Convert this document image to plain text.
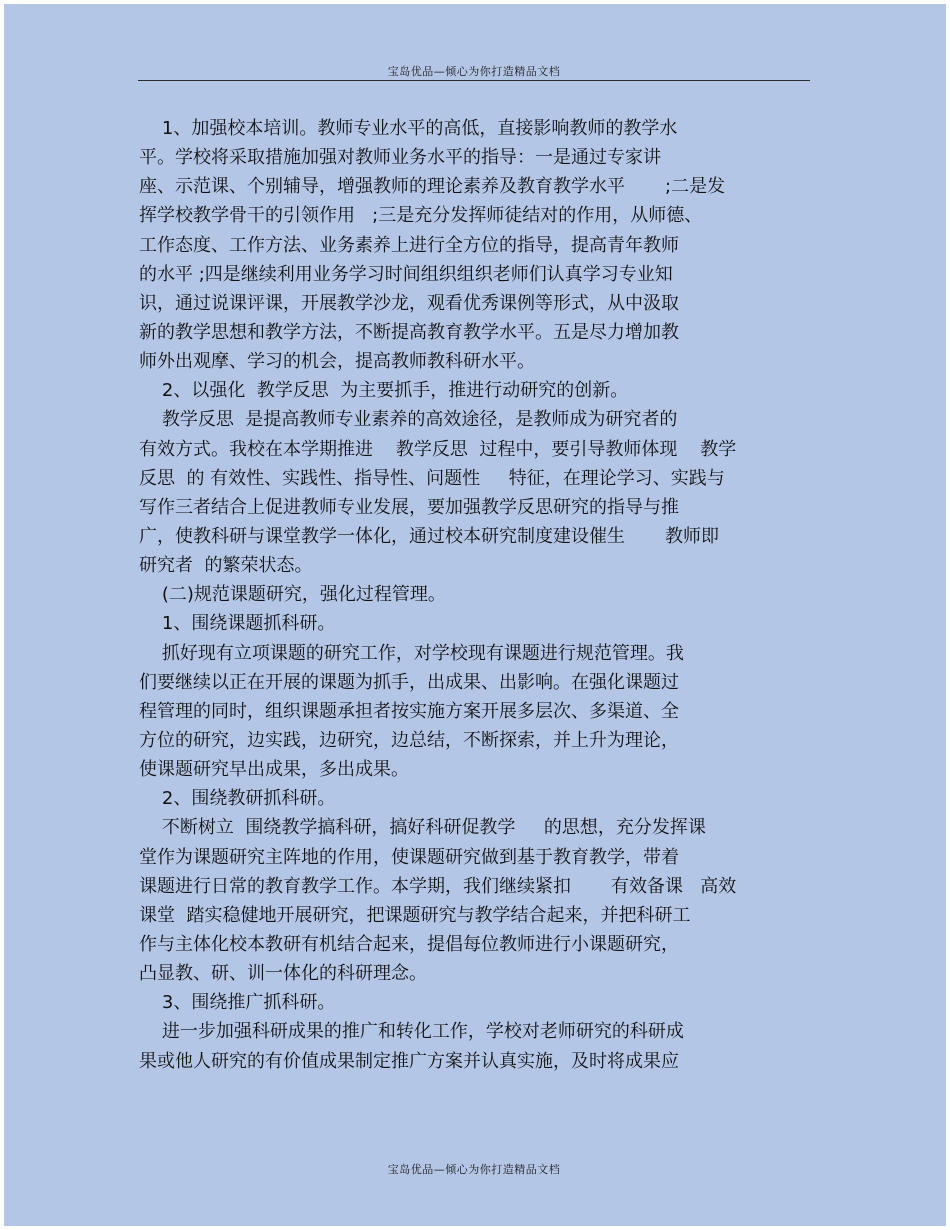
宝岛优品—倾心为你打造精品文档
1、加强校本培训。教师专业水平的高低，直接影响教师的教学水
平。学校将采取措施加强对教师业务水平的指导：一是通过专家讲
座、示范课、个别辅导，增强教师的理论素养及教育教学水平       ;二是发
挥学校教学骨干的引领作用   ;三是充分发挥师徒结对的作用，从师德、
工作态度、工作方法、业务素养上进行全方位的指导，提高青年教师
的水平 ;四是继续利用业务学习时间组织组织老师们认真学习专业知
识，通过说课评课，开展教学沙龙，观看优秀课例等形式，从中汲取
新的教学思想和教学方法，不断提高教育教学水平。五是尽力增加教
师外出观摩、学习的机会，提高教师教科研水平。
2、以强化  教学反思  为主要抓手，推进行动研究的创新。
教学反思  是提高教师专业素养的高效途径，是教师成为研究者的
有效方式。我校在本学期推进    教学反思  过程中，要引导教师体现    教学
反思  的 有效性、实践性、指导性、问题性     特征，在理论学习、实践与
写作三者结合上促进教师专业发展，要加强教学反思研究的指导与推
广，使教科研与课堂教学一体化，通过校本研究制度建设催生       教师即
研究者  的繁荣状态。
(二)规范课题研究，强化过程管理。
1、围绕课题抓科研。
抓好现有立项课题的研究工作，对学校现有课题进行规范管理。我
们要继续以正在开展的课题为抓手，出成果、出影响。在强化课题过
程管理的同时，组织课题承担者按实施方案开展多层次、多渠道、全
方位的研究，边实践，边研究，边总结，不断探索，并上升为理论，
使课题研究早出成果，多出成果。
2、围绕教研抓科研。
不断树立  围绕教学搞科研，搞好科研促教学     的思想，充分发挥课
堂作为课题研究主阵地的作用，使课题研究做到基于教育教学，带着
课题进行日常的教育教学工作。本学期，我们继续紧扣       有效备课   高效
课堂  踏实稳健地开展研究，把课题研究与教学结合起来，并把科研工
作与主体化校本教研有机结合起来，提倡每位教师进行小课题研究，
凸显教、研、训一体化的科研理念。
3、围绕推广抓科研。
进一步加强科研成果的推广和转化工作，学校对老师研究的科研成
果或他人研究的有价值成果制定推广方案并认真实施，及时将成果应
宝岛优品—倾心为你打造精品文档
